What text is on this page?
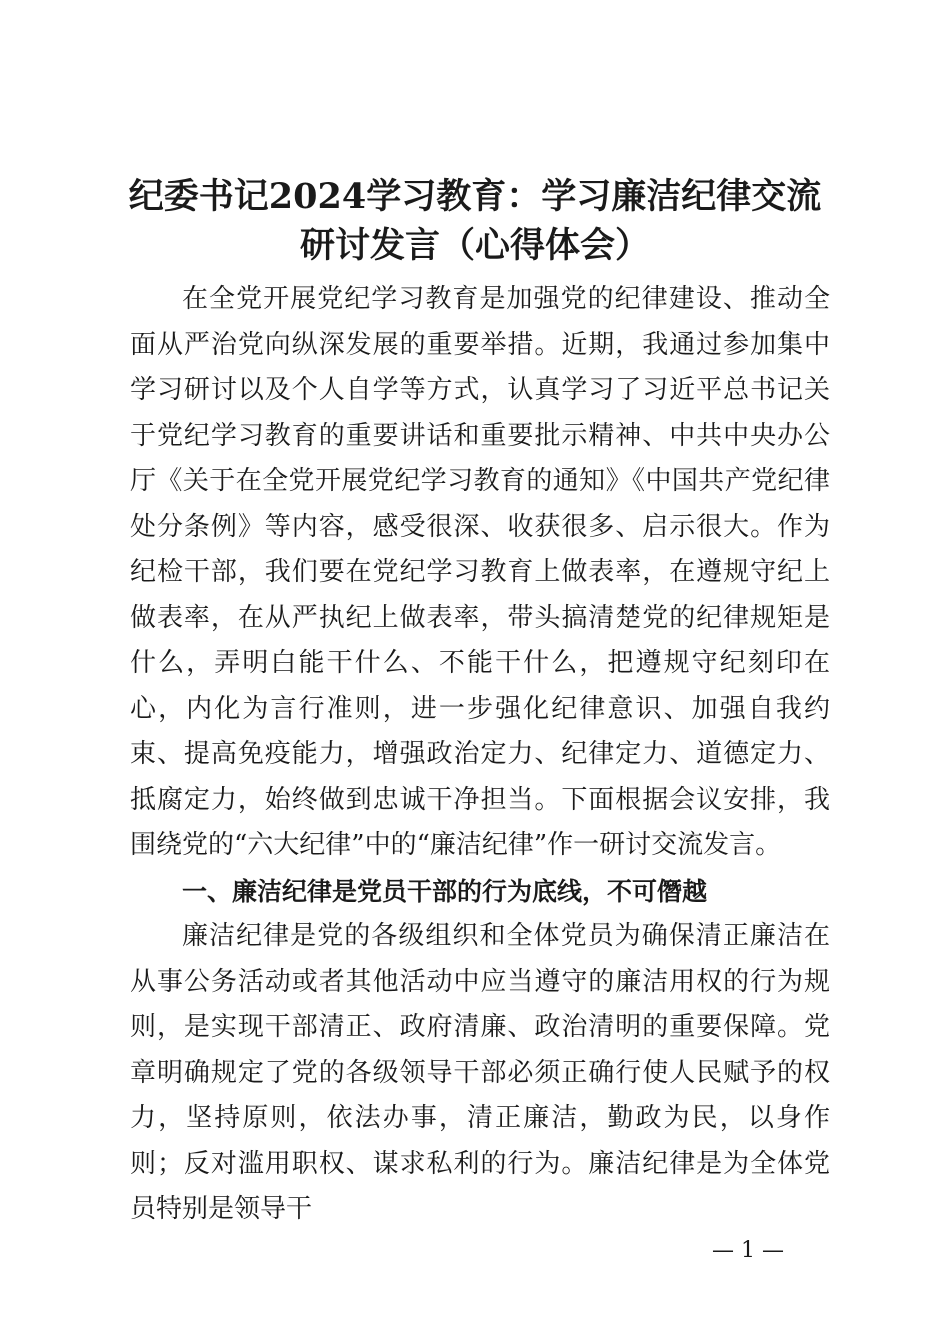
纪委书记2024学习教育：学习廉洁纪律交流
研讨发言（心得体会）

在全党开展党纪学习教育是加强党的纪律建设、推动全面从严治党向纵深发展的重要举措。近期，我通过参加集中学习研讨以及个人自学等方式，认真学习了习近平总书记关于党纪学习教育的重要讲话和重要批示精神、中共中央办公厅《关于在全党开展党纪学习教育的通知》《中国共产党纪律处分条例》等内容，感受很深、收获很多、启示很大。作为纪检干部，我们要在党纪学习教育上做表率，在遵规守纪上做表率，在从严执纪上做表率，带头搞清楚党的纪律规矩是什么，弄明白能干什么、不能干什么，把遵规守纪刻印在心，内化为言行准则，进一步强化纪律意识、加强自我约束、提高免疫能力，增强政治定力、纪律定力、道德定力、抵腐定力，始终做到忠诚干净担当。下面根据会议安排，我围绕党的“六大纪律”中的“廉洁纪律”作一研讨交流发言。

一、廉洁纪律是党员干部的行为底线，不可僭越

廉洁纪律是党的各级组织和全体党员为确保清正廉洁在从事公务活动或者其他活动中应当遵守的廉洁用权的行为规则，是实现干部清正、政府清廉、政治清明的重要保障。党章明确规定了党的各级领导干部必须正确行使人民赋予的权力，坚持原则，依法办事，清正廉洁，勤政为民，以身作则；反对滥用职权、谋求私利的行为。廉洁纪律是为全体党员特别是领导干

— 1 —
